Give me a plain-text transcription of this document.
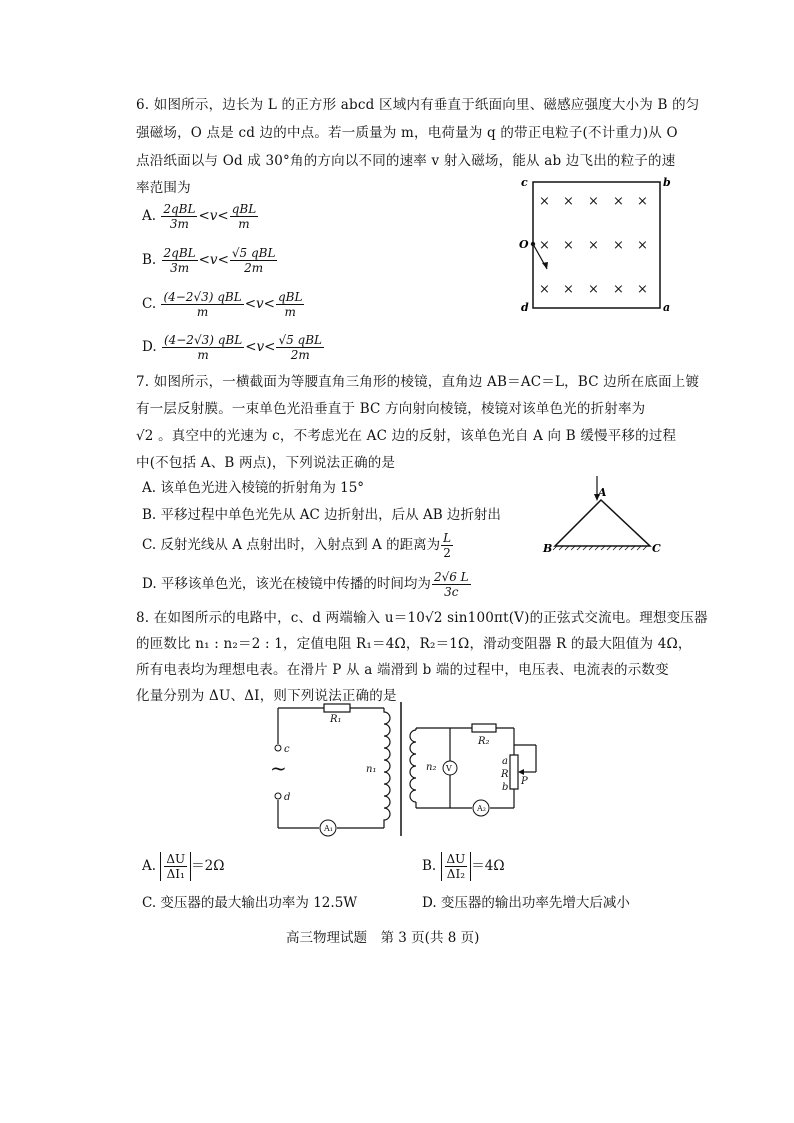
6. 如图所示，边长为 L 的正方形 abcd 区域内有垂直于纸面向里、磁感应强度大小为 B 的匀
强磁场，O 点是 cd 边的中点。若一质量为 m，电荷量为 q 的带正电粒子(不计重力)从 O
点沿纸面以与 Od 成 30°角的方向以不同的速率 v 射入磁场，能从 ab 边飞出的粒子的速
率范围为
A. $\frac{\text{2qBL}}{3m} <v< \frac{\text{qBL}}{m}$
B. $\frac{\text{2qBL}}{3m} <v< \frac{\text{√5 qBL}}{2m}$
C. $\frac{\text{(4−2√3) qBL}}{m} <v< \frac{\text{qBL}}{m}$
D. $\frac{\text{(4−2√3) qBL}}{m} <v< \frac{\text{√5 qBL}}{2m}$
c	b
O
d	a
× × × × ×
× × × × ×
× × × × ×
7. 如图所示，一横截面为等腰直角三角形的棱镜，直角边 AB＝AC＝L，BC 边所在底面上镀
有一层反射膜。一束单色光沿垂直于 BC 方向射向棱镜，棱镜对该单色光的折射率为
√2 。真空中的光速为 c，不考虑光在 AC 边的反射，该单色光自 A 向 B 缓慢平移的过程
中(不包括 A、B 两点)，下列说法正确的是
A. 该单色光进入棱镜的折射角为 15°
B. 平移过程中单色光先从 AC 边折射出，后从 AB 边折射出
C. 反射光线从 A 点射出时，入射点到 A 的距离为 $\frac{L}{2}$
D. 平移该单色光，该光在棱镜中传播的时间均为 $\frac{2√6 L}{3c}$
A
B	C
8. 在如图所示的电路中，c、d 两端输入 u＝10√2 sin100πt(V)的正弦式交流电。理想变压器
的匝数比 n₁ : n₂＝2 : 1，定值电阻 R₁＝4Ω，R₂＝1Ω，滑动变阻器 R 的最大阻值为 4Ω，
所有电表均为理想电表。在滑片 P 从 a 端滑到 b 端的过程中，电压表、电流表的示数变
化量分别为 ΔU、ΔI，则下列说法正确的是
R₁
c
d
n₁	n₂
R₂
a
R
b
P
~
A₁
A₂
V
A. $\frac{\Delta U}{\text{ΔI₁}} =2\Omega$	B. $\frac{\Delta U}{\text{ΔI₂}} =4\Omega$
C. 变压器的最大输出功率为 12.5W	D. 变压器的输出功率先增大后减小
高三物理试题　第 3 页(共 8 页)
